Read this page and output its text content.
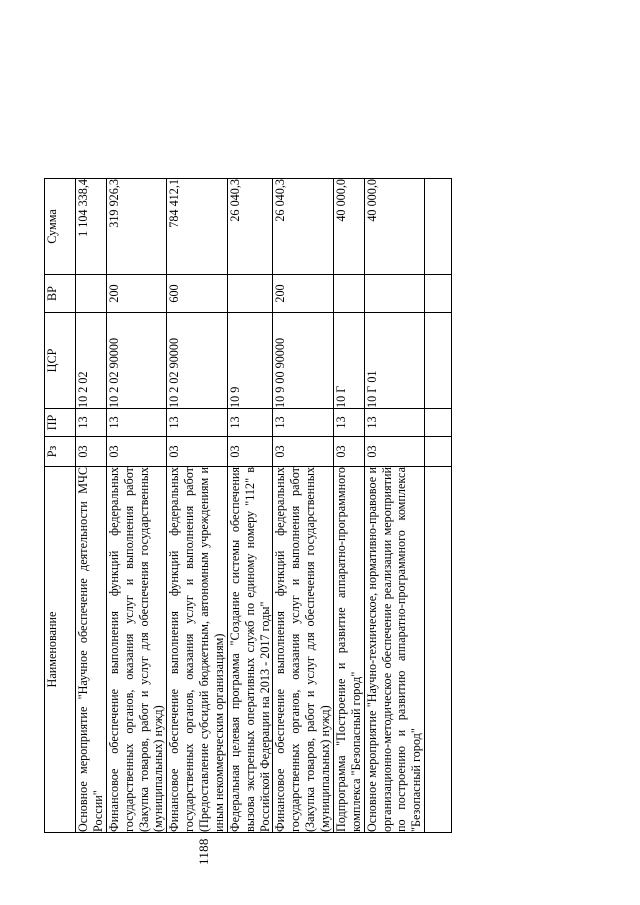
1188
Наименование	Рз	ПР	ЦСР	ВР	Сумма
Основное мероприятие "Научное обеспечение деятельности МЧС России"	03	13	10 2 02		1 104 338,4
Финансовое обеспечение выполнения функций федеральных государственных органов, оказания услуг и выполнения работ (Закупка товаров, работ и услуг для обеспечения государственных (муниципальных) нужд)	03	13	10 2 02 90000	200	319 926,3
Финансовое обеспечение выполнения функций федеральных государственных органов, оказания услуг и выполнения работ (Предоставление субсидий бюджетным, автономным учреждениям и иным некоммерческим организациям)	03	13	10 2 02 90000	600	784 412,1
Федеральная целевая программа "Создание системы обеспечения вызова экстренных оперативных служб по единому номеру "112" в Российской Федерации на 2013 - 2017 годы"	03	13	10 9		26 040,3
Финансовое обеспечение выполнения функций федеральных государственных органов, оказания услуг и выполнения работ (Закупка товаров, работ и услуг для обеспечения государственных (муниципальных) нужд)	03	13	10 9 00 90000	200	26 040,3
Подпрограмма "Построение и развитие аппаратно-программного комплекса "Безопасный город"	03	13	10 Г		40 000,0
Основное мероприятие "Научно-техническое, нормативно-правовое и организационно-методическое обеспечение реализации мероприятий по построению и развитию аппаратно-программного комплекса "Безопасный город"	03	13	10 Г 01		40 000,0
